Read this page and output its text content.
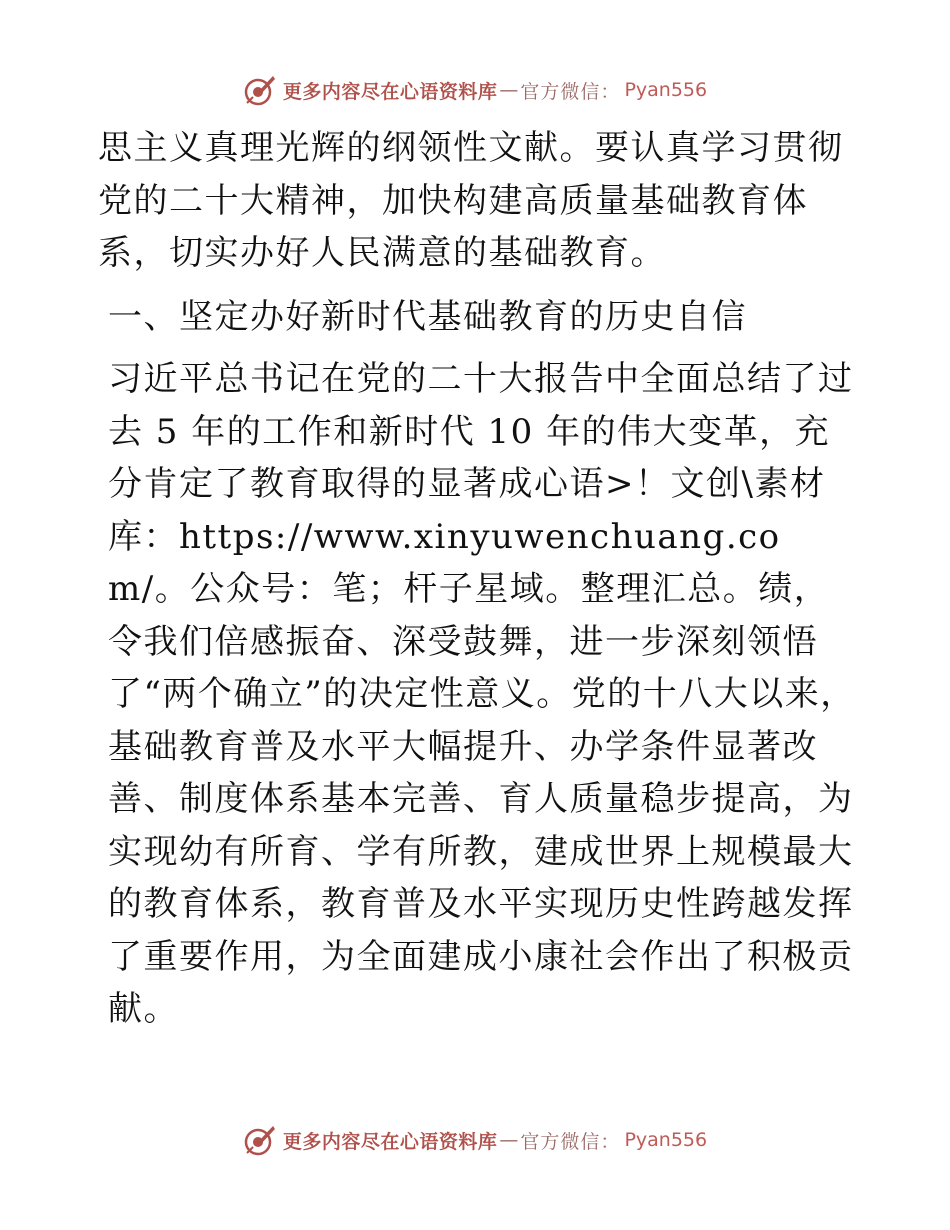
更多内容尽在心语资料库 — 官方微信： Pyan556

思主义真理光辉的纲领性文献。要认真学习贯彻党的二十大精神，加快构建高质量基础教育体系，切实办好人民满意的基础教育。

一、坚定办好新时代基础教育的历史自信

习近平总书记在党的二十大报告中全面总结了过去 5 年的工作和新时代 10 年的伟大变革，充分肯定了教育取得的显著成心语>！文创\素材库：https://www.xinyuwenchuang.com/。公众号：笔；杆子星域。整理汇总。绩，令我们倍感振奋、深受鼓舞，进一步深刻领悟了“两个确立”的决定性意义。党的十八大以来，基础教育普及水平大幅提升、办学条件显著改善、制度体系基本完善、育人质量稳步提高，为实现幼有所育、学有所教，建成世界上规模最大的教育体系，教育普及水平实现历史性跨越发挥了重要作用，为全面建成小康社会作出了积极贡献。

更多内容尽在心语资料库 — 官方微信： Pyan556
